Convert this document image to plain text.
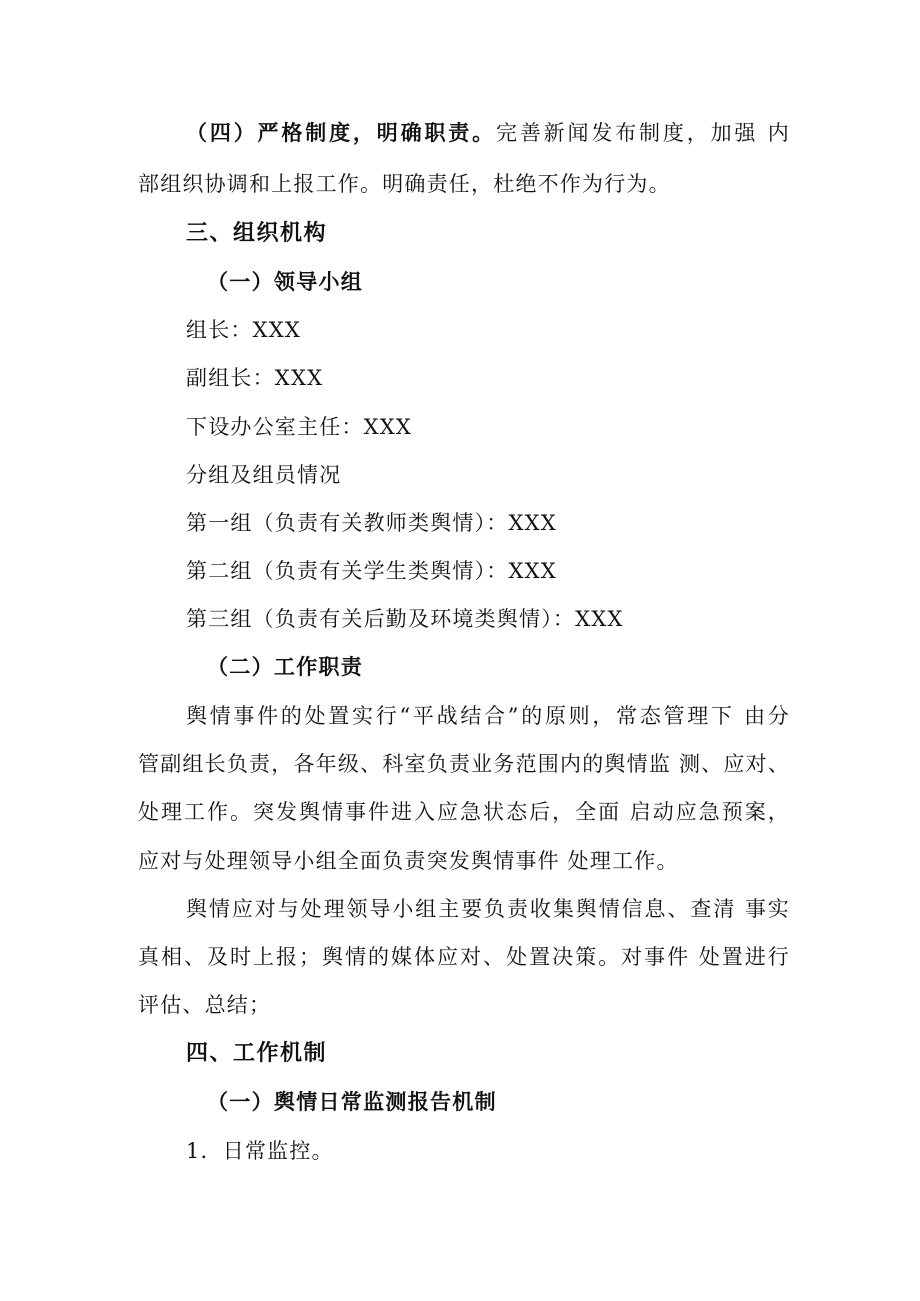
（四）严格制度，明确职责。完善新闻发布制度，加强 内
部组织协调和上报工作。明确责任，杜绝不作为行为。
三、组织机构
（一）领导小组
组长：XXX
副组长：XXX
下设办公室主任：XXX
分组及组员情况
第一组（负责有关教师类舆情）：XXX
第二组（负责有关学生类舆情）：XXX
第三组（负责有关后勤及环境类舆情）：XXX
（二）工作职责
舆情事件的处置实行“平战结合”的原则，常态管理下 由分
管副组长负责，各年级、科室负责业务范围内的舆情监 测、应对、
处理工作。突发舆情事件进入应急状态后，全面 启动应急预案，
应对与处理领导小组全面负责突发舆情事件 处理工作。
舆情应对与处理领导小组主要负责收集舆情信息、查清 事实
真相、及时上报；舆情的媒体应对、处置决策。对事件 处置进行
评估、总结；
四、工作机制
（一）舆情日常监测报告机制
1．日常监控。
